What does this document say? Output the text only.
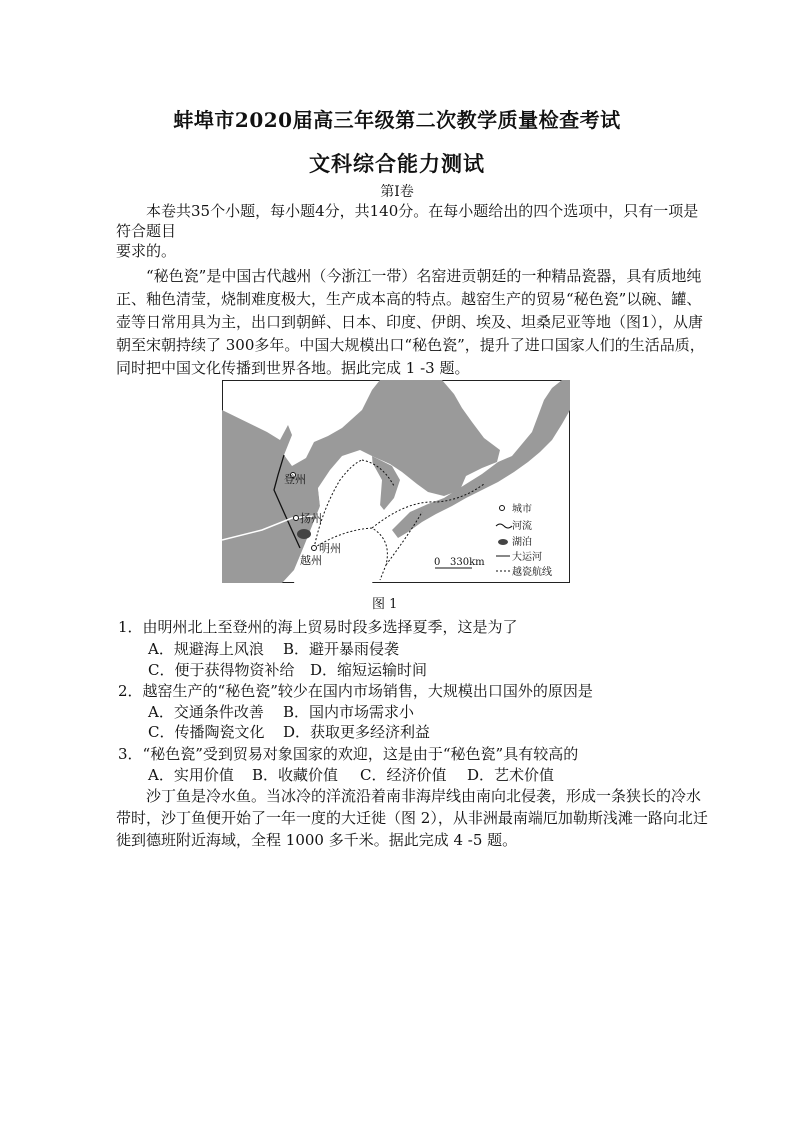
蚌埠市2020届高三年级第二次教学质量检查考试
文科综合能力测试
第Ⅰ卷
本卷共35个小题，每小题4分，共140分。在每小题给出的四个选项中，只有一项是
符合题目
要求的。
“秘色瓷”是中国古代越州（今浙江一带）名窑进贡朝廷的一种精品瓷器，具有质地纯
正、釉色清莹，烧制难度极大，生产成本高的特点。越窑生产的贸易“秘色瓷”以碗、罐、
壶等日常用具为主，出口到朝鲜、日本、印度、伊朗、埃及、坦桑尼亚等地（图1），从唐
朝至宋朝持续了 300多年。中国大规模出口“秘色瓷”，提升了进口国家人们的生活品质，
同时把中国文化传播到世界各地。据此完成 1 -3 题。
登州
扬州
明州
越州
城市
河流
湖泊
大运河
越瓷航线
0 330km
图 1
1．由明州北上至登州的海上贸易时段多选择夏季，这是为了
A．规避海上风浪 B．避开暴雨侵袭
C．便于获得物资补给 D．缩短运输时间
2．越窑生产的“秘色瓷”较少在国内市场销售，大规模出口国外的原因是
A．交通条件改善 B．国内市场需求小
C．传播陶瓷文化 D．获取更多经济利益
3．“秘色瓷”受到贸易对象国家的欢迎，这是由于“秘色瓷”具有较高的
A．实用价值 B．收藏价值 C．经济价值 D．艺术价值
沙丁鱼是冷水鱼。当冰冷的洋流沿着南非海岸线由南向北侵袭，形成一条狭长的冷水
带时，沙丁鱼便开始了一年一度的大迁徙（图 2），从非洲最南端厄加勒斯浅滩一路向北迁
徙到德班附近海域，全程 1000 多千米。据此完成 4 -5 题。
